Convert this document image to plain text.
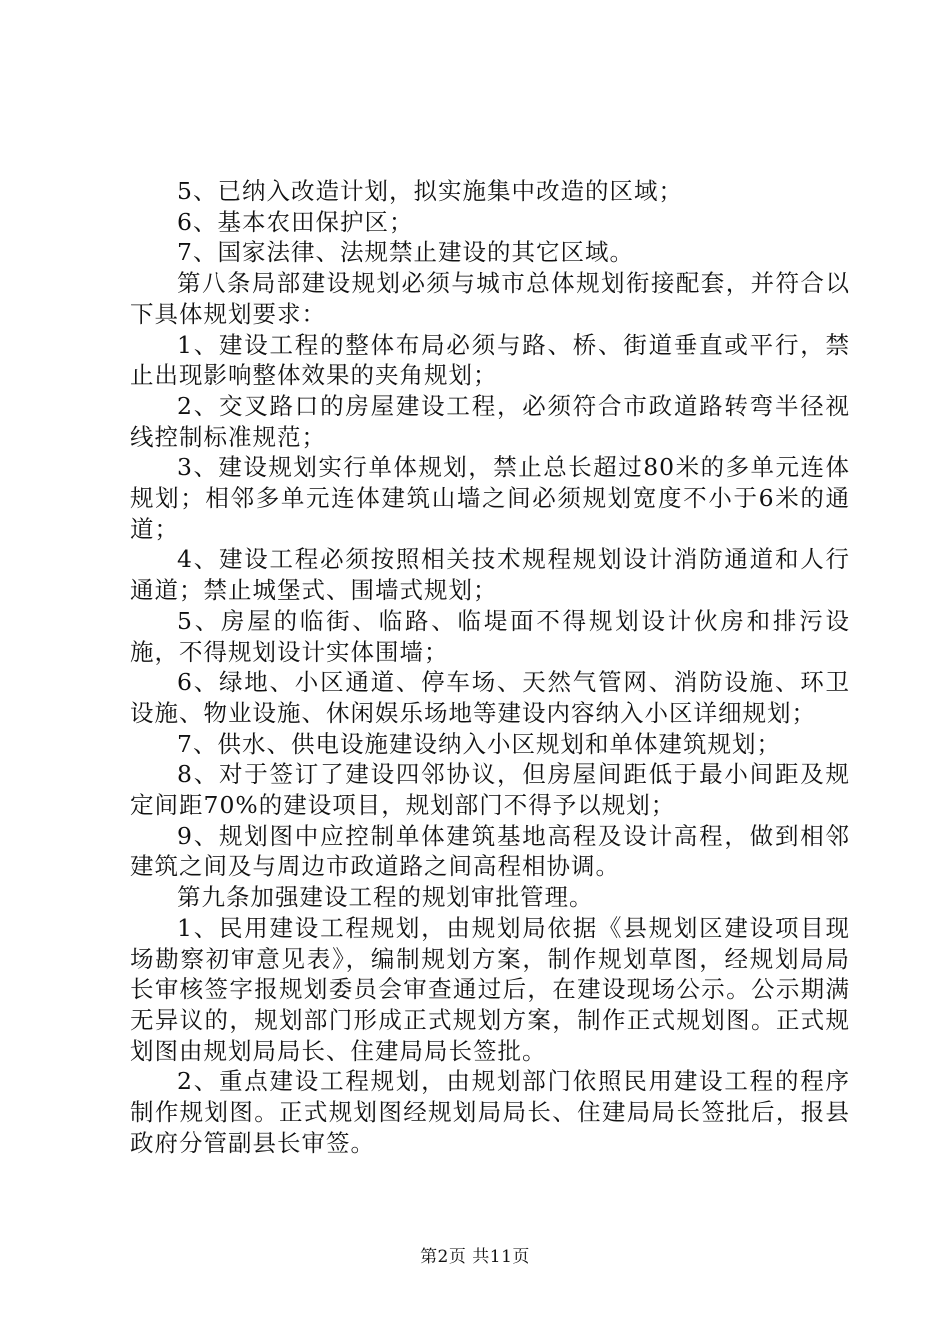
5、已纳入改造计划，拟实施集中改造的区域；

6、基本农田保护区；

7、国家法律、法规禁止建设的其它区域。

第八条局部建设规划必须与城市总体规划衔接配套，并符合以下具体规划要求：

1、建设工程的整体布局必须与路、桥、街道垂直或平行，禁止出现影响整体效果的夹角规划；

2、交叉路口的房屋建设工程，必须符合市政道路转弯半径视线控制标准规范；

3、建设规划实行单体规划，禁止总长超过80米的多单元连体规划；相邻多单元连体建筑山墙之间必须规划宽度不小于6米的通道；

4、建设工程必须按照相关技术规程规划设计消防通道和人行通道；禁止城堡式、围墙式规划；

5、房屋的临街、临路、临堤面不得规划设计伙房和排污设施，不得规划设计实体围墙；

6、绿地、小区通道、停车场、天然气管网、消防设施、环卫设施、物业设施、休闲娱乐场地等建设内容纳入小区详细规划；

7、供水、供电设施建设纳入小区规划和单体建筑规划；

8、对于签订了建设四邻协议，但房屋间距低于最小间距及规定间距70%的建设项目，规划部门不得予以规划；

9、规划图中应控制单体建筑基地高程及设计高程，做到相邻建筑之间及与周边市政道路之间高程相协调。

第九条加强建设工程的规划审批管理。

1、民用建设工程规划，由规划局依据《县规划区建设项目现场勘察初审意见表》，编制规划方案，制作规划草图，经规划局局长审核签字报规划委员会审查通过后，在建设现场公示。公示期满无异议的，规划部门形成正式规划方案，制作正式规划图。正式规划图由规划局局长、住建局局长签批。

2、重点建设工程规划，由规划部门依照民用建设工程的程序制作规划图。正式规划图经规划局局长、住建局局长签批后，报县政府分管副县长审签。

第2页 共11页
